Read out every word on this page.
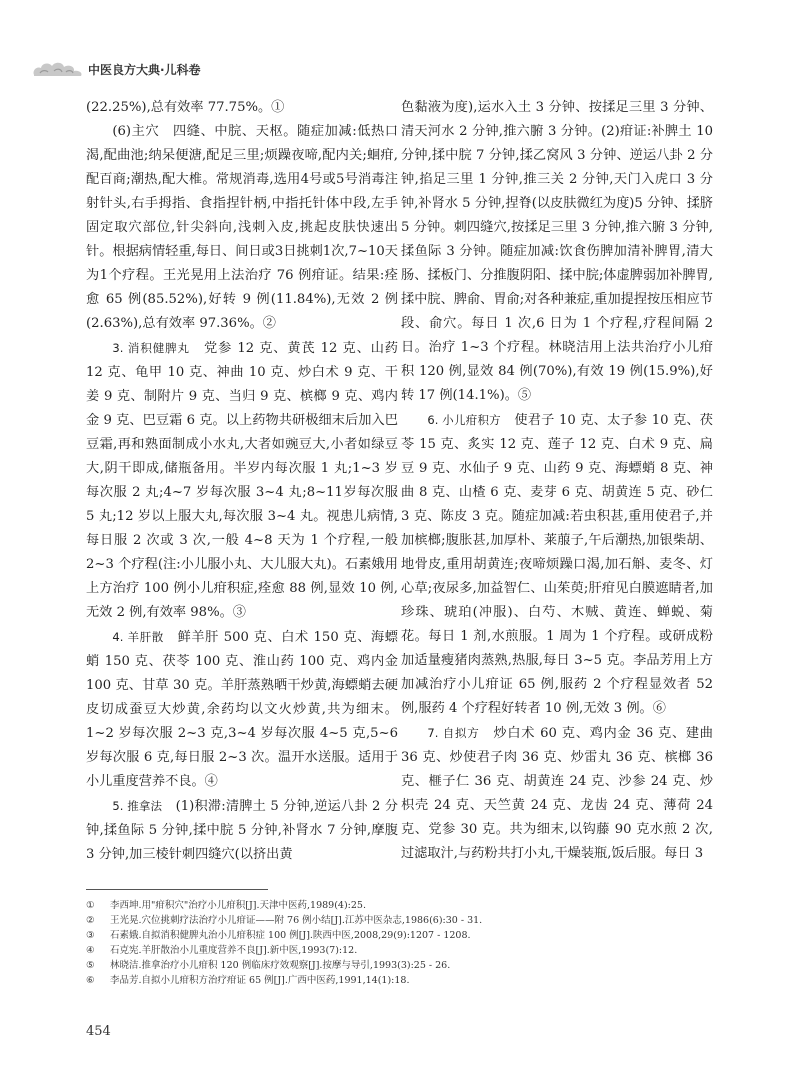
中医良方大典·儿科卷

(22.25%),总有效率 77.75%。①

(6)主穴　四缝、中脘、天枢。随症加减:低热口渴,配曲池;纳呆便溏,配足三里;烦躁夜啼,配内关;蛔疳,配百商;潮热,配大椎。常规消毒,选用4号或5号消毒注射针头,右手拇指、食指捏针柄,中指托针体中段,左手固定取穴部位,针尖斜向,浅刺入皮,挑起皮肤快速出针。根据病情轻重,每日、间日或3日挑刺1次,7~10天为1个疗程。王光晃用上法治疗 76 例疳证。结果:痊愈 65 例(85.52%),好转 9 例(11.84%),无效 2 例(2.63%),总有效率 97.36%。②

3. 消积健脾丸　党参 12 克、黄芪 12 克、山药 12 克、龟甲 10 克、神曲 10 克、炒白术 9 克、干姜 9 克、制附片 9 克、当归 9 克、槟榔 9 克、鸡内金 9 克、巴豆霜 6 克。以上药物共研极细末后加入巴豆霜,再和熟面制成小水丸,大者如豌豆大,小者如绿豆大,阴干即成,储瓶备用。半岁内每次服 1 丸;1~3 岁每次服 2 丸;4~7 岁每次服 3~4 丸;8~11岁每次服 5 丸;12 岁以上服大丸,每次服 3~4 丸。视患儿病情,每日服 2 次或 3 次,一般 4~8 天为 1 个疗程,一般 2~3 个疗程(注:小儿服小丸、大儿服大丸)。石素娥用上方治疗 100 例小儿疳积症,痊愈 88 例,显效 10 例,无效 2 例,有效率 98%。③

4. 羊肝散　鲜羊肝 500 克、白术 150 克、海螵蛸 150 克、茯苓 100 克、淮山药 100 克、鸡内金 100 克、甘草 30 克。羊肝蒸熟晒干炒黄,海螵蛸去硬皮切成蚕豆大炒黄,余药均以文火炒黄,共为细末。1~2 岁每次服 2~3 克,3~4 岁每次服 4~5 克,5~6 岁每次服 6 克,每日服 2~3 次。温开水送服。适用于小儿重度营养不良。④

5. 推拿法　(1)积滞:清脾土 5 分钟,逆运八卦 2 分钟,揉鱼际 5 分钟,揉中脘 5 分钟,补肾水 7 分钟,摩腹 3 分钟,加三棱针刺四缝穴(以挤出黄

色黏液为度),运水入土 3 分钟、按揉足三里 3 分钟、清天河水 2 分钟,推六腑 3 分钟。(2)疳证:补脾土 10 分钟,揉中脘 7 分钟,揉乙窝风 3 分钟、逆运八卦 2 分钟,掐足三里 1 分钟,推三关 2 分钟,天门入虎口 3 分钟,补肾水 5 分钟,捏脊(以皮肤微红为度)5 分钟、揉脐 5 分钟。刺四缝穴,按揉足三里 3 分钟,推六腑 3 分钟,揉鱼际 3 分钟。随症加减:饮食伤脾加清补脾胃,清大肠、揉板门、分推腹阴阳、揉中脘;体虚脾弱加补脾胃,揉中脘、脾俞、胃俞;对各种兼症,重加提捏按压相应节段、俞穴。每日 1 次,6 日为 1 个疗程,疗程间隔 2 日。治疗 1~3 个疗程。林晓洁用上法共治疗小儿疳积 120 例,显效 84 例(70%),有效 19 例(15.9%),好转 17 例(14.1%)。⑤

6. 小儿疳积方　使君子 10 克、太子参 10 克、茯苓 15 克、炙实 12 克、莲子 12 克、白术 9 克、扁豆 9 克、水仙子 9 克、山药 9 克、海螵蛸 8 克、神曲 8 克、山楂 6 克、麦芽 6 克、胡黄连 5 克、砂仁 3 克、陈皮 3 克。随症加减:若虫积甚,重用使君子,并加槟榔;腹胀甚,加厚朴、莱菔子,午后潮热,加银柴胡、地骨皮,重用胡黄连;夜啼烦躁口渴,加石斛、麦冬、灯心草;夜尿多,加益智仁、山茱萸;肝疳见白膜遮睛者,加珍珠、琥珀(冲服)、白芍、木贼、黄连、蝉蜕、菊花。每日 1 剂,水煎服。1 周为 1 个疗程。或研成粉加适量瘦猪肉蒸熟,热服,每日 3~5 克。李品芳用上方加减治疗小儿疳证 65 例,服药 2 个疗程显效者 52 例,服药 4 个疗程好转者 10 例,无效 3 例。⑥

7. 自拟方　炒白术 60 克、鸡内金 36 克、建曲 36 克、炒使君子肉 36 克、炒雷丸 36 克、槟榔 36 克、榧子仁 36 克、胡黄连 24 克、沙参 24 克、炒枳壳 24 克、天竺黄 24 克、龙齿 24 克、薄荷 24 克、党参 30 克。共为细末,以钩藤 90 克水煎 2 次,过滤取汁,与药粉共打小丸,干燥装瓶,饭后服。每日 3

① 李西坤.用"疳积穴"治疗小儿疳积[J].天津中医药,1989(4):25.
② 王光晃.穴位挑刺疗法治疗小儿疳证——附 76 例小结[J].江苏中医杂志,1986(6):30 - 31.
③ 石素娥.自拟消积健脾丸治小儿疳积症 100 例[J].陕西中医,2008,29(9):1207 - 1208.
④ 石克宪.羊肝散治小儿重度营养不良[J].新中医,1993(7):12.
⑤ 林晓洁.推拿治疗小儿疳积 120 例临床疗效观察[J].按摩与导引,1993(3):25 - 26.
⑥ 李品芳.自拟小儿疳积方治疗疳证 65 例[J].广西中医药,1991,14(1):18.
454
